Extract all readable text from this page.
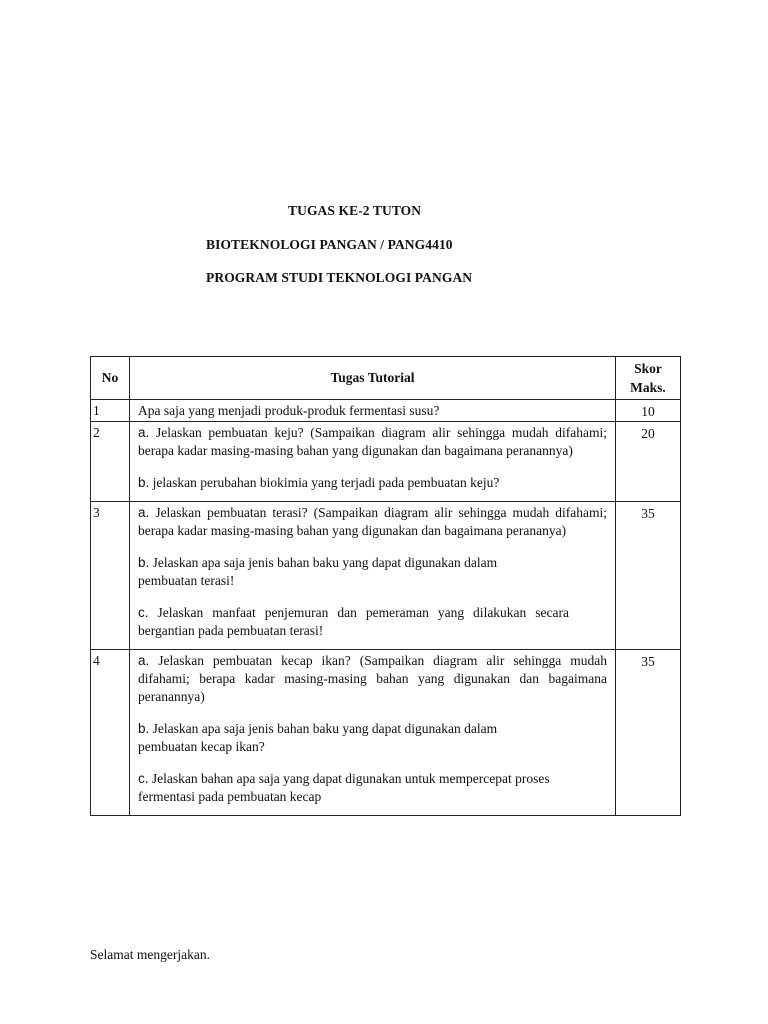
TUGAS KE-2 TUTON
BIOTEKNOLOGI PANGAN / PANG4410
PROGRAM STUDI TEKNOLOGI PANGAN
No	Tugas Tutorial	Skor
Maks.

1	Apa saja yang menjadi produk-produk fermentasi susu?	10
2	a. Jelaskan pembuatan keju? (Sampaikan diagram alir sehingga mudah difahami; berapa kadar masing-masing bahan yang digunakan dan bagaimana peranannya)
b. jelaskan perubahan biokimia yang terjadi pada pembuatan keju?	20
3	a. Jelaskan pembuatan terasi? (Sampaikan diagram alir sehingga mudah difahami; berapa kadar masing-masing bahan yang digunakan dan bagaimana perananya)
b. Jelaskan apa saja jenis bahan baku yang dapat digunakan dalam pembuatan terasi!
c. Jelaskan manfaat penjemuran dan pemeraman yang dilakukan secara bergantian pada pembuatan terasi!	35
4	a. Jelaskan pembuatan kecap ikan? (Sampaikan diagram alir sehingga mudah difahami; berapa kadar masing-masing bahan yang digunakan dan bagaimana peranannya)
b. Jelaskan apa saja jenis bahan baku yang dapat digunakan dalam pembuatan kecap ikan?
c. Jelaskan bahan apa saja yang dapat digunakan untuk mempercepat proses fermentasi pada pembuatan kecap	35
Selamat mengerjakan.
